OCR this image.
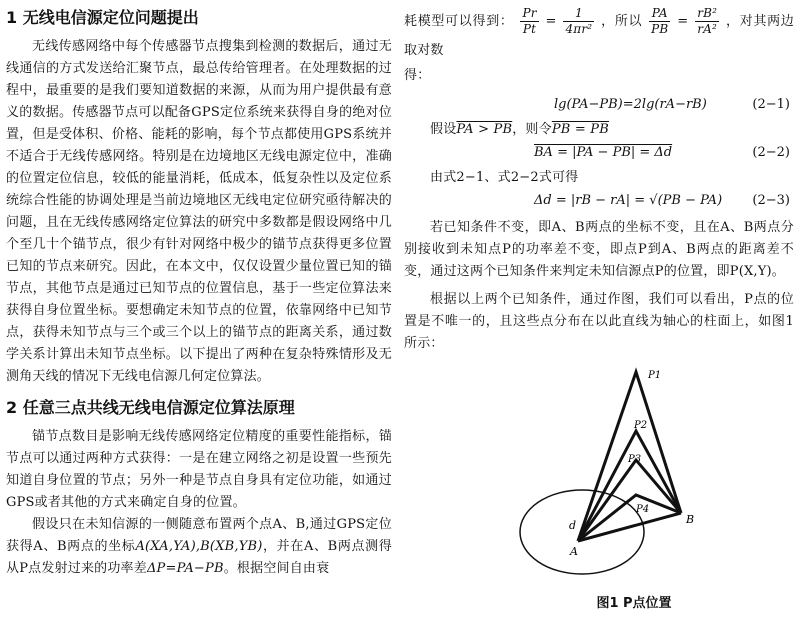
1 无线电信源定位问题提出

无线传感网络中每个传感器节点搜集到检测的数据后，通过无线通信的方式发送给汇聚节点，最总传给管理者。在处理数据的过程中，最重要的是我们要知道数据的来源，从而为用户提供最有意义的数据。传感器节点可以配备GPS定位系统来获得自身的绝对位置，但是受体积、价格、能耗的影响，每个节点都使用GPS系统并不适合于无线传感网络。特别是在边境地区无线电源定位中，准确的位置定位信息，较低的能量消耗，低成本，低复杂性以及定位系统综合性能的协调处理是当前边境地区无线电定位研究亟待解决的问题，且在无线传感网络定位算法的研究中多数都是假设网络中几个至几十个锚节点，很少有针对网络中极少的锚节点获得更多位置已知的节点来研究。因此，在本文中，仅仅设置少量位置已知的锚节点，其他节点是通过已知节点的位置信息，基于一些定位算法来获得自身位置坐标。要想确定未知节点的位置，依靠网络中已知节点，获得未知节点与三个或三个以上的锚节点的距离关系，通过数学关系计算出未知节点坐标。以下提出了两种在复杂特殊情形及无测角天线的情况下无线电信源几何定位算法。

2 任意三点共线无线电信源定位算法原理

锚节点数目是影响无线传感网络定位精度的重要性能指标，锚节点可以通过两种方式获得：一是在建立网络之初是设置一些预先知道自身位置的节点；另外一种是节点自身具有定位功能，如通过GPS或者其他的方式来确定自身的位置。

假设只在未知信源的一侧随意布置两个点A、B,通过GPS定位获得A、B两点的坐标A(XA,YA),B(XB,YB)，并在A、B两点测得从P点发射过来的功率差ΔP=PA−PB。根据空间自由衰

耗模型可以得到： $\frac{Pr}{Pt} = \frac{1}{\text{4πr²}}$ ，所以 $\frac{PA}{PB} = \frac{\text{rB²}}{\text{rA²}}$ ，对其两边取对数
得：
lg(PA−PB)=2lg(rA−rB)	(2−1)
假设PA > PB，则令PB = PB
BA = |PA − PB| = Δd	(2−2)
由式2−1、式2−2式可得
Δd = |rB − rA| = √(PB − PA) (2−3)

若已知条件不变，即A、B两点的坐标不变，且在A、B两点分别接收到未知点P的功率差不变，即点P到A、B两点的距离差不变，通过这两个已知条件来判定未知信源点P的位置，即P(X,Y)。

根据以上两个已知条件，通过作图，我们可以看出，P点的位置是不唯一的，且这些点分布在以此直线为轴心的柱面上，如图1所示：

P1
P2
P3
P4
d
A
B
图1 P点位置
